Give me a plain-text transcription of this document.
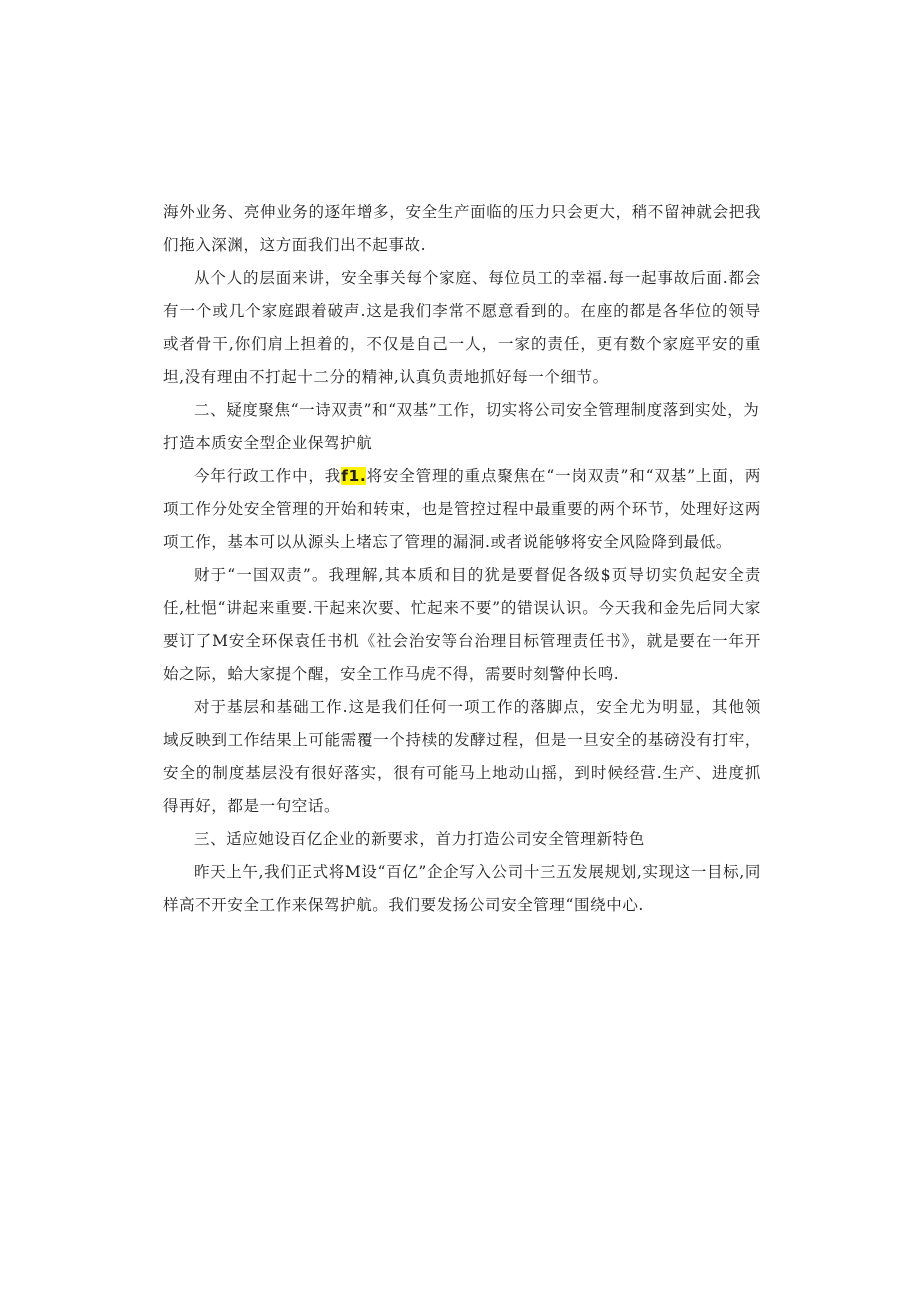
海外业务、亮伸业务的逐年增多，安全生产面临的压力只会更大，稍不留神就会把我们拖入深渊，这方面我们出不起事故.

从个人的层面来讲，安全事关每个家庭、每位员工的幸福.每一起事故后面.都会有一个或几个家庭跟着破声.这是我们李常不愿意看到的。在座的都是各华位的领导或者骨干,你们肩上担着的，不仅是自己一人，一家的责任，更有数个家庭平安的重坦,没有理由不打起十二分的精神,认真负责地抓好每一个细节。

二、疑度聚焦“一诗双责”和“双基”工作，切实将公司安全管理制度落到实处，为打造本质安全型企业保驾护航

今年行政工作中，我f1.将安全管理的重点聚焦在“一岗双责”和“双基”上面，两项工作分处安全管理的开始和转束，也是管控过程中最重要的两个环节，处理好这两项工作，基本可以从源头上堵忘了管理的漏洞.或者说能够将安全风险降到最低。

财于“一国双责”。我理解,其本质和目的犹是要督促各级$页导切实负起安全责任,杜悒“讲起来重要.干起来次要、忙起来不要”的错误认识。今天我和金先后同大家要订了M安全环保袁任书机《社会治安等台治理目标管理责任书》，就是要在一年开始之际，蛤大家提个醒，安全工作马虎不得，需要时刻警仲长鸣.

对于基层和基础工作.这是我们任何一项工作的落脚点，安全尤为明显，其他领域反映到工作结果上可能需覆一个持椟的发酵过程，但是一旦安全的基磅没有打牢，安全的制度基层没有很好落实，很有可能马上地动山摇，到时候经营.生产、进度抓得再好，都是一句空话。

三、适应她设百亿企业的新要求，首力打造公司安全管理新特色

昨天上午,我们正式将M设“百亿”企企写入公司十三五发展规划,实现这一目标,同样高不开安全工作来保驾护航。我们要发扬公司安全管理“围绕中心.
